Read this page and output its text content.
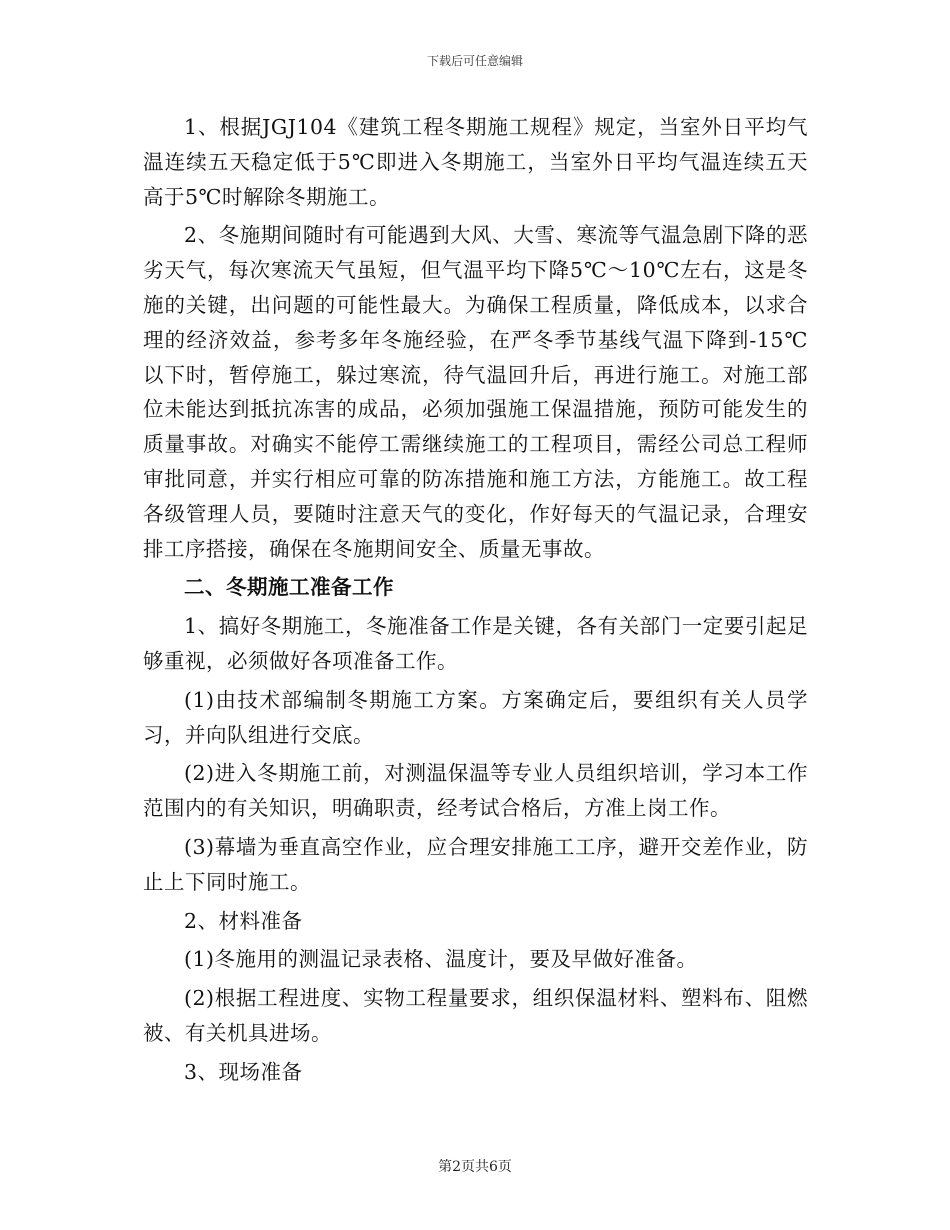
下载后可任意编辑

1、根据JGJ104《建筑工程冬期施工规程》规定，当室外日平均气温连续五天稳定低于5℃即进入冬期施工，当室外日平均气温连续五天高于5℃时解除冬期施工。

2、冬施期间随时有可能遇到大风、大雪、寒流等气温急剧下降的恶劣天气，每次寒流天气虽短，但气温平均下降5℃～10℃左右，这是冬施的关键，出问题的可能性最大。为确保工程质量，降低成本，以求合理的经济效益，参考多年冬施经验，在严冬季节基线气温下降到-15℃以下时，暂停施工，躲过寒流，待气温回升后，再进行施工。对施工部位未能达到抵抗冻害的成品，必须加强施工保温措施，预防可能发生的质量事故。对确实不能停工需继续施工的工程项目，需经公司总工程师审批同意，并实行相应可靠的防冻措施和施工方法，方能施工。故工程各级管理人员，要随时注意天气的变化，作好每天的气温记录，合理安排工序搭接，确保在冬施期间安全、质量无事故。

二、冬期施工准备工作

1、搞好冬期施工，冬施准备工作是关键，各有关部门一定要引起足够重视，必须做好各项准备工作。

(1)由技术部编制冬期施工方案。方案确定后，要组织有关人员学习，并向队组进行交底。

(2)进入冬期施工前，对测温保温等专业人员组织培训，学习本工作范围内的有关知识，明确职责，经考试合格后，方准上岗工作。

(3)幕墙为垂直高空作业，应合理安排施工工序，避开交差作业，防止上下同时施工。

2、材料准备

(1)冬施用的测温记录表格、温度计，要及早做好准备。

(2)根据工程进度、实物工程量要求，组织保温材料、塑料布、阻燃被、有关机具进场。

3、现场准备

第2页共6页
